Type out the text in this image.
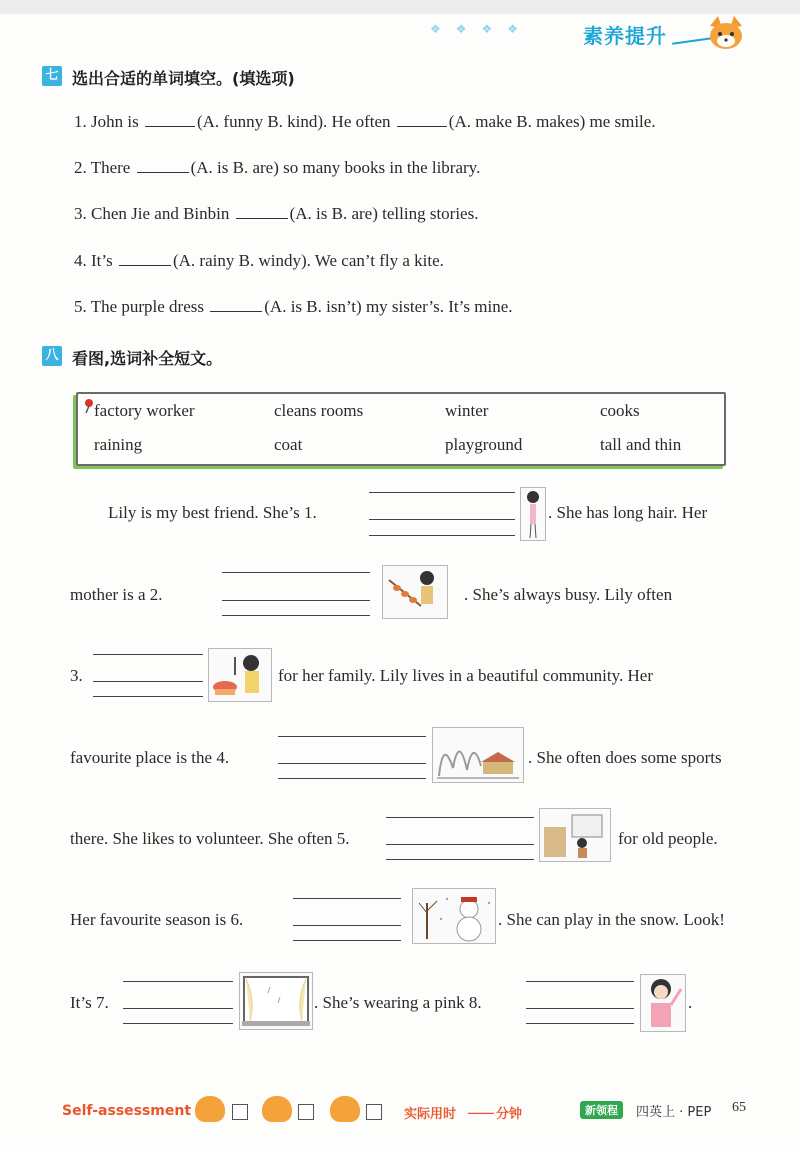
❖ ❖ ❖ ❖	素养提升
七 选出合适的单词填空。(填选项)
1. John is	(A. funny B. kind). He often	(A. make B. makes) me smile.
2. There	(A. is B. are) so many books in the library.
3. Chen Jie and Binbin	(A. is B. are) telling stories.
4. It’s	(A. rainy B. windy). We can’t fly a kite.
5. The purple dress	(A. is B. isn’t) my sister’s. It’s mine.
八 看图,选词补全短文。
factory worker	cleans rooms	winter	cooks
raining	coat	playground	tall and thin
Lily is my best friend. She’s 1.	. She has long hair. Her
mother is a 2.	. She’s always busy. Lily often
3.	for her family. Lily lives in a beautiful community. Her
favourite place is the 4.	. She often does some sports
there. She likes to volunteer. She often 5.	for old people.
Her favourite season is 6.	. She can play in the snow. Look!
It’s 7.	. She’s wearing a pink 8.	.
Self-assessment	实际用时 ____ 分钟	新领程	四英上 · PEP 65
